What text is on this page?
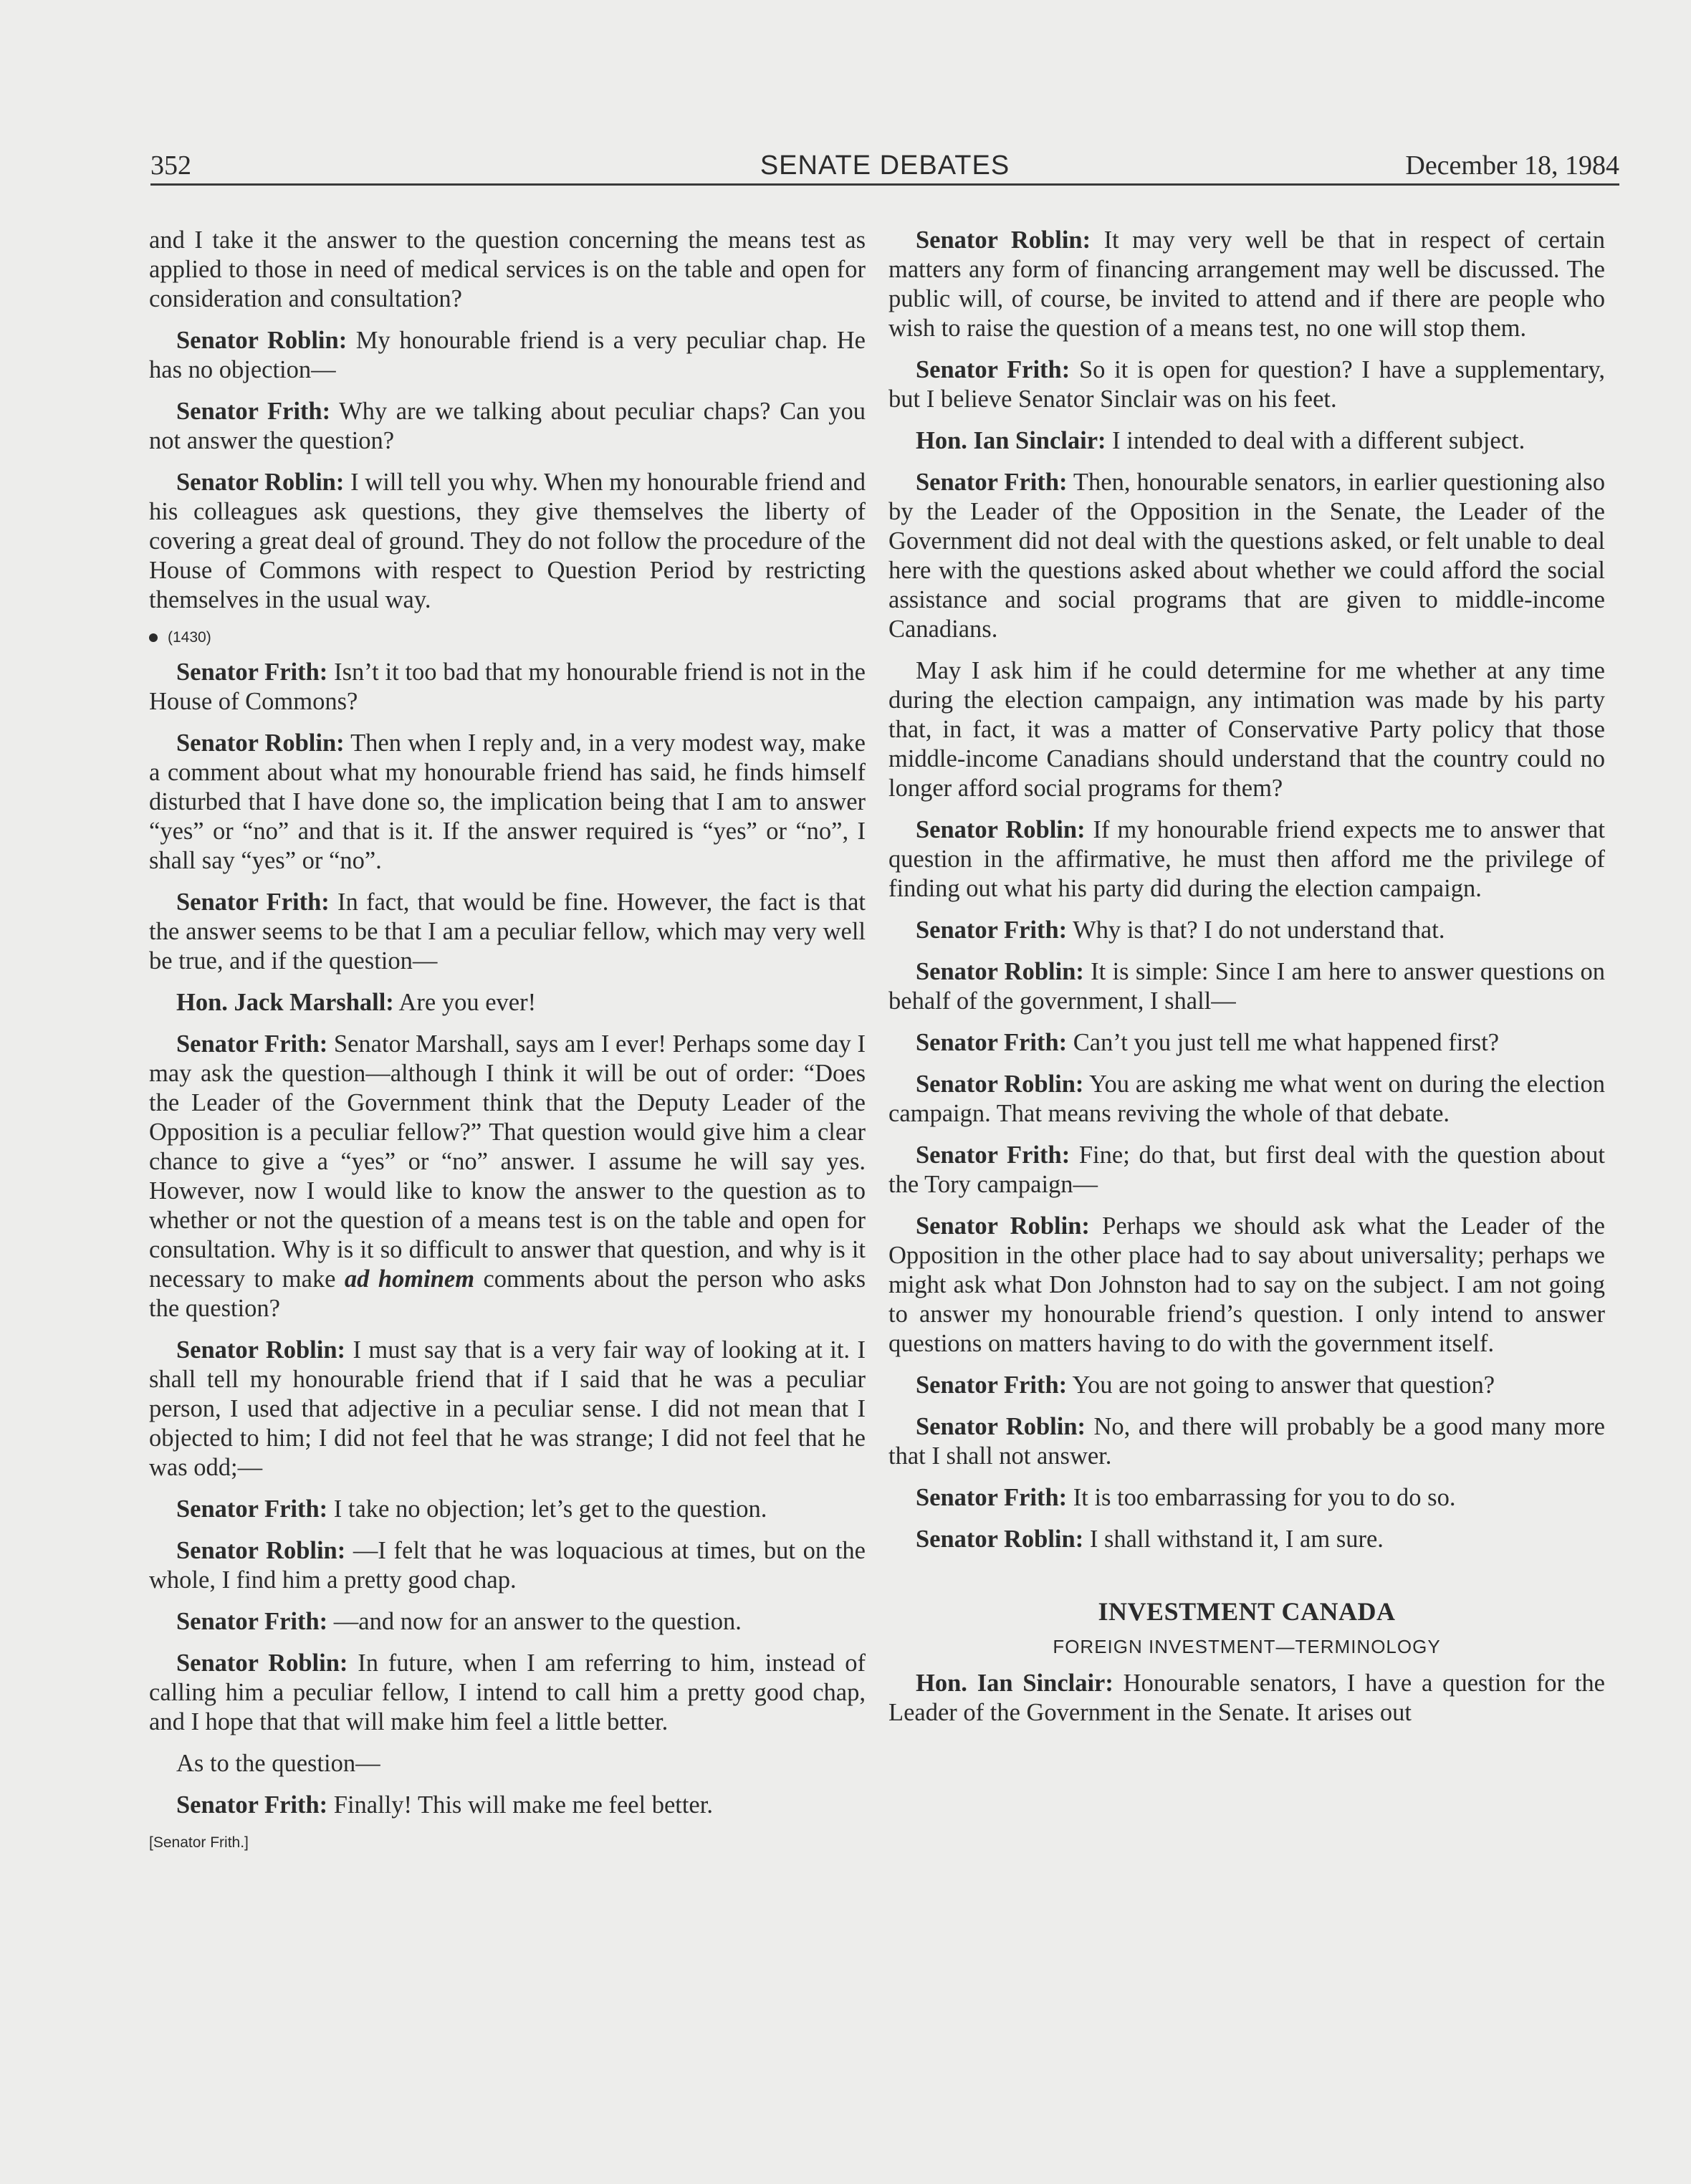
352	SENATE DEBATES	December 18, 1984

and I take it the answer to the question concerning the means test as applied to those in need of medical services is on the table and open for consideration and consultation?

Senator Roblin: My honourable friend is a very peculiar chap. He has no objection—

Senator Frith: Why are we talking about peculiar chaps? Can you not answer the question?

Senator Roblin: I will tell you why. When my honourable friend and his colleagues ask questions, they give themselves the liberty of covering a great deal of ground. They do not follow the procedure of the House of Commons with respect to Question Period by restricting themselves in the usual way.

(1430)

Senator Frith: Isn’t it too bad that my honourable friend is not in the House of Commons?

Senator Roblin: Then when I reply and, in a very modest way, make a comment about what my honourable friend has said, he finds himself disturbed that I have done so, the implication being that I am to answer “yes” or “no” and that is it. If the answer required is “yes” or “no”, I shall say “yes” or “no”.

Senator Frith: In fact, that would be fine. However, the fact is that the answer seems to be that I am a peculiar fellow, which may very well be true, and if the question—

Hon. Jack Marshall: Are you ever!

Senator Frith: Senator Marshall, says am I ever! Perhaps some day I may ask the question—although I think it will be out of order: “Does the Leader of the Government think that the Deputy Leader of the Opposition is a peculiar fellow?” That question would give him a clear chance to give a “yes” or “no” answer. I assume he will say yes. However, now I would like to know the answer to the question as to whether or not the question of a means test is on the table and open for consultation. Why is it so difficult to answer that question, and why is it necessary to make ad hominem comments about the person who asks the question?

Senator Roblin: I must say that is a very fair way of looking at it. I shall tell my honourable friend that if I said that he was a peculiar person, I used that adjective in a peculiar sense. I did not mean that I objected to him; I did not feel that he was strange; I did not feel that he was odd;—

Senator Frith: I take no objection; let’s get to the question.

Senator Roblin: —I felt that he was loquacious at times, but on the whole, I find him a pretty good chap.

Senator Frith: —and now for an answer to the question.

Senator Roblin: In future, when I am referring to him, instead of calling him a peculiar fellow, I intend to call him a pretty good chap, and I hope that that will make him feel a little better.

As to the question—

Senator Frith: Finally! This will make me feel better.

[Senator Frith.]

Senator Roblin: It may very well be that in respect of certain matters any form of financing arrangement may well be discussed. The public will, of course, be invited to attend and if there are people who wish to raise the question of a means test, no one will stop them.

Senator Frith: So it is open for question? I have a supplementary, but I believe Senator Sinclair was on his feet.

Hon. Ian Sinclair: I intended to deal with a different subject.

Senator Frith: Then, honourable senators, in earlier questioning also by the Leader of the Opposition in the Senate, the Leader of the Government did not deal with the questions asked, or felt unable to deal here with the questions asked about whether we could afford the social assistance and social programs that are given to middle-income Canadians.

May I ask him if he could determine for me whether at any time during the election campaign, any intimation was made by his party that, in fact, it was a matter of Conservative Party policy that those middle-income Canadians should understand that the country could no longer afford social programs for them?

Senator Roblin: If my honourable friend expects me to answer that question in the affirmative, he must then afford me the privilege of finding out what his party did during the election campaign.

Senator Frith: Why is that? I do not understand that.

Senator Roblin: It is simple: Since I am here to answer questions on behalf of the government, I shall—

Senator Frith: Can’t you just tell me what happened first?

Senator Roblin: You are asking me what went on during the election campaign. That means reviving the whole of that debate.

Senator Frith: Fine; do that, but first deal with the question about the Tory campaign—

Senator Roblin: Perhaps we should ask what the Leader of the Opposition in the other place had to say about universality; perhaps we might ask what Don Johnston had to say on the subject. I am not going to answer my honourable friend’s question. I only intend to answer questions on matters having to do with the government itself.

Senator Frith: You are not going to answer that question?

Senator Roblin: No, and there will probably be a good many more that I shall not answer.

Senator Frith: It is too embarrassing for you to do so.

Senator Roblin: I shall withstand it, I am sure.

INVESTMENT CANADA
FOREIGN INVESTMENT—TERMINOLOGY

Hon. Ian Sinclair: Honourable senators, I have a question for the Leader of the Government in the Senate. It arises out
